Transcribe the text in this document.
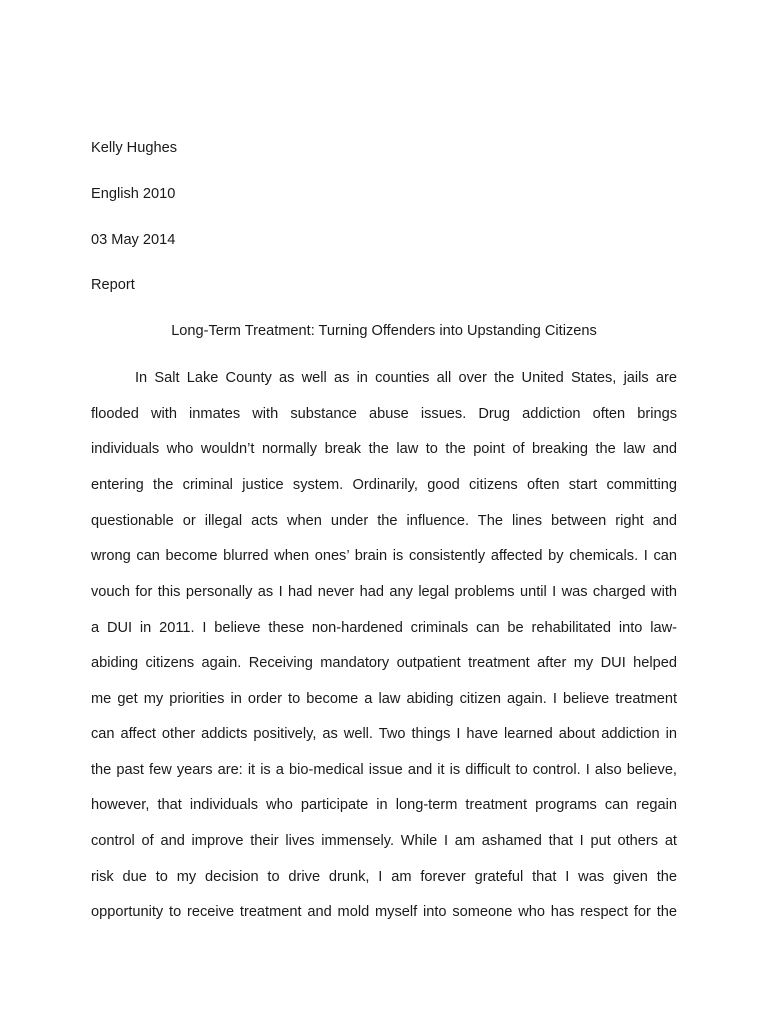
Kelly Hughes
English 2010
03 May 2014
Report
Long-Term Treatment: Turning Offenders into Upstanding Citizens
In Salt Lake County as well as in counties all over the United States, jails are
flooded with inmates with substance abuse issues. Drug addiction often brings
individuals who wouldn’t normally break the law to the point of breaking the law and
entering the criminal justice system. Ordinarily, good citizens often start committing
questionable or illegal acts when under the influence. The lines between right and
wrong can become blurred when ones’ brain is consistently affected by chemicals. I can
vouch for this personally as I had never had any legal problems until I was charged with
a DUI in 2011. I believe these non-hardened criminals can be rehabilitated into law-
abiding citizens again. Receiving mandatory outpatient treatment after my DUI helped
me get my priorities in order to become a law abiding citizen again. I believe treatment
can affect other addicts positively, as well. Two things I have learned about addiction in
the past few years are: it is a bio-medical issue and it is difficult to control. I also believe,
however, that individuals who participate in long-term treatment programs can regain
control of and improve their lives immensely. While I am ashamed that I put others at
risk due to my decision to drive drunk, I am forever grateful that I was given the
opportunity to receive treatment and mold myself into someone who has respect for the
